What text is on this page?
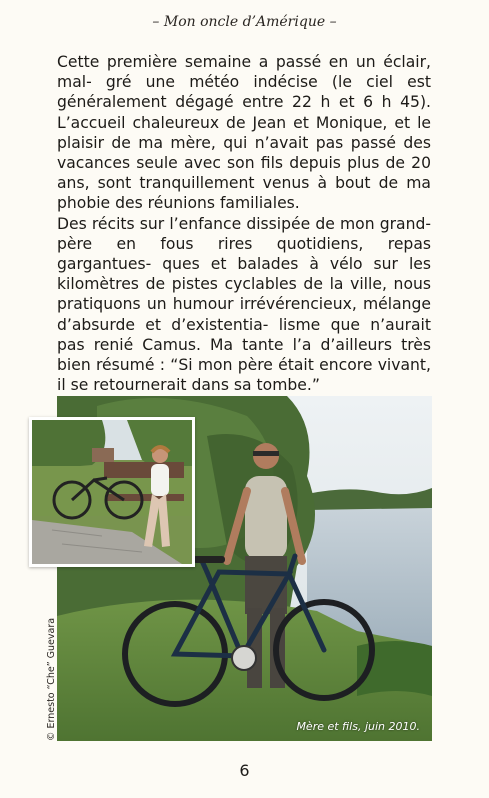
– Mon oncle d’Amérique –

Cette première semaine a passé en un éclair, mal- gré une météo indécise (le ciel est généralement dégagé entre 22 h et 6 h 45). L’accueil chaleureux de Jean et Monique, et le plaisir de ma mère, qui n’avait pas passé des vacances seule avec son fils depuis plus de 20 ans, sont tranquillement venus à bout de ma phobie des réunions familiales.

Des récits sur l’enfance dissipée de mon grand- père en fous rires quotidiens, repas gargantues- ques et balades à vélo sur les kilomètres de pistes cyclables de la ville, nous pratiquons un humour irrévérencieux, mélange d’absurde et d’existentia- lisme que n’aurait pas renié Camus. Ma tante l’a d’ailleurs très bien résumé : “Si mon père était encore vivant, il se retournerait dans sa tombe.”

Mère et fils, juin 2010.
© Ernesto “Che” Guevara
6
